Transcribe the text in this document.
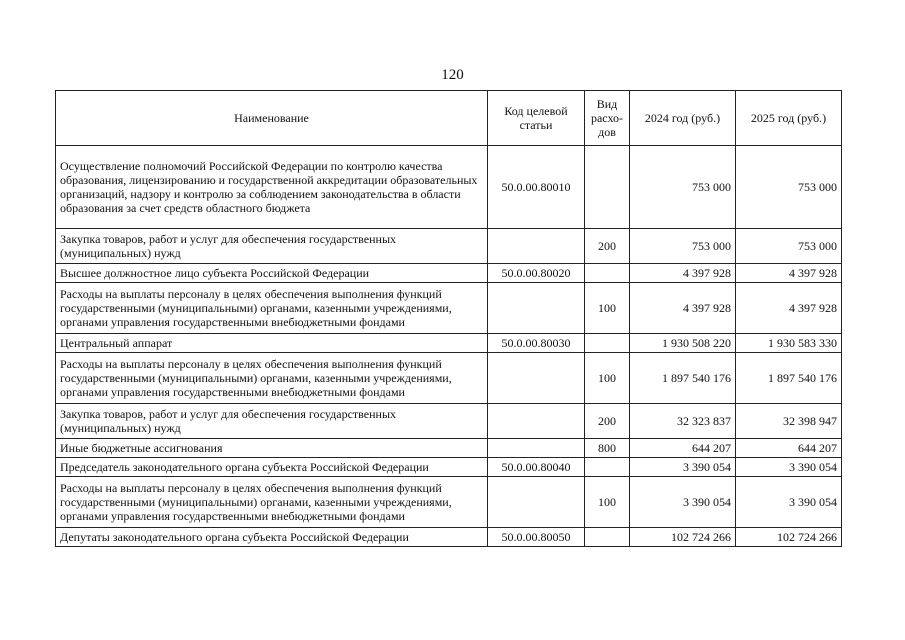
120
Наименование	Код целевой статьи	Вид расхо-дов	2024 год (руб.)	2025 год (руб.)
Осуществление полномочий Российской Федерации по контролю качества образования, лицензированию и государственной аккредитации образовательных организаций, надзору и контролю за соблюдением законодательства в области образования за счет средств областного бюджета	50.0.00.80010		753 000	753 000
Закупка товаров, работ и услуг для обеспечения государственных (муниципальных) нужд		200	753 000	753 000
Высшее должностное лицо субъекта Российской Федерации	50.0.00.80020		4 397 928	4 397 928
Расходы на выплаты персоналу в целях обеспечения выполнения функций государственными (муниципальными) органами, казенными учреждениями, органами управления государственными внебюджетными фондами		100	4 397 928	4 397 928
Центральный аппарат	50.0.00.80030		1 930 508 220	1 930 583 330
Расходы на выплаты персоналу в целях обеспечения выполнения функций государственными (муниципальными) органами, казенными учреждениями, органами управления государственными внебюджетными фондами		100	1 897 540 176	1 897 540 176
Закупка товаров, работ и услуг для обеспечения государственных (муниципальных) нужд		200	32 323 837	32 398 947
Иные бюджетные ассигнования		800	644 207	644 207
Председатель законодательного органа субъекта Российской Федерации	50.0.00.80040		3 390 054	3 390 054
Расходы на выплаты персоналу в целях обеспечения выполнения функций государственными (муниципальными) органами, казенными учреждениями, органами управления государственными внебюджетными фондами		100	3 390 054	3 390 054
Депутаты законодательного органа субъекта Российской Федерации	50.0.00.80050		102 724 266	102 724 266
